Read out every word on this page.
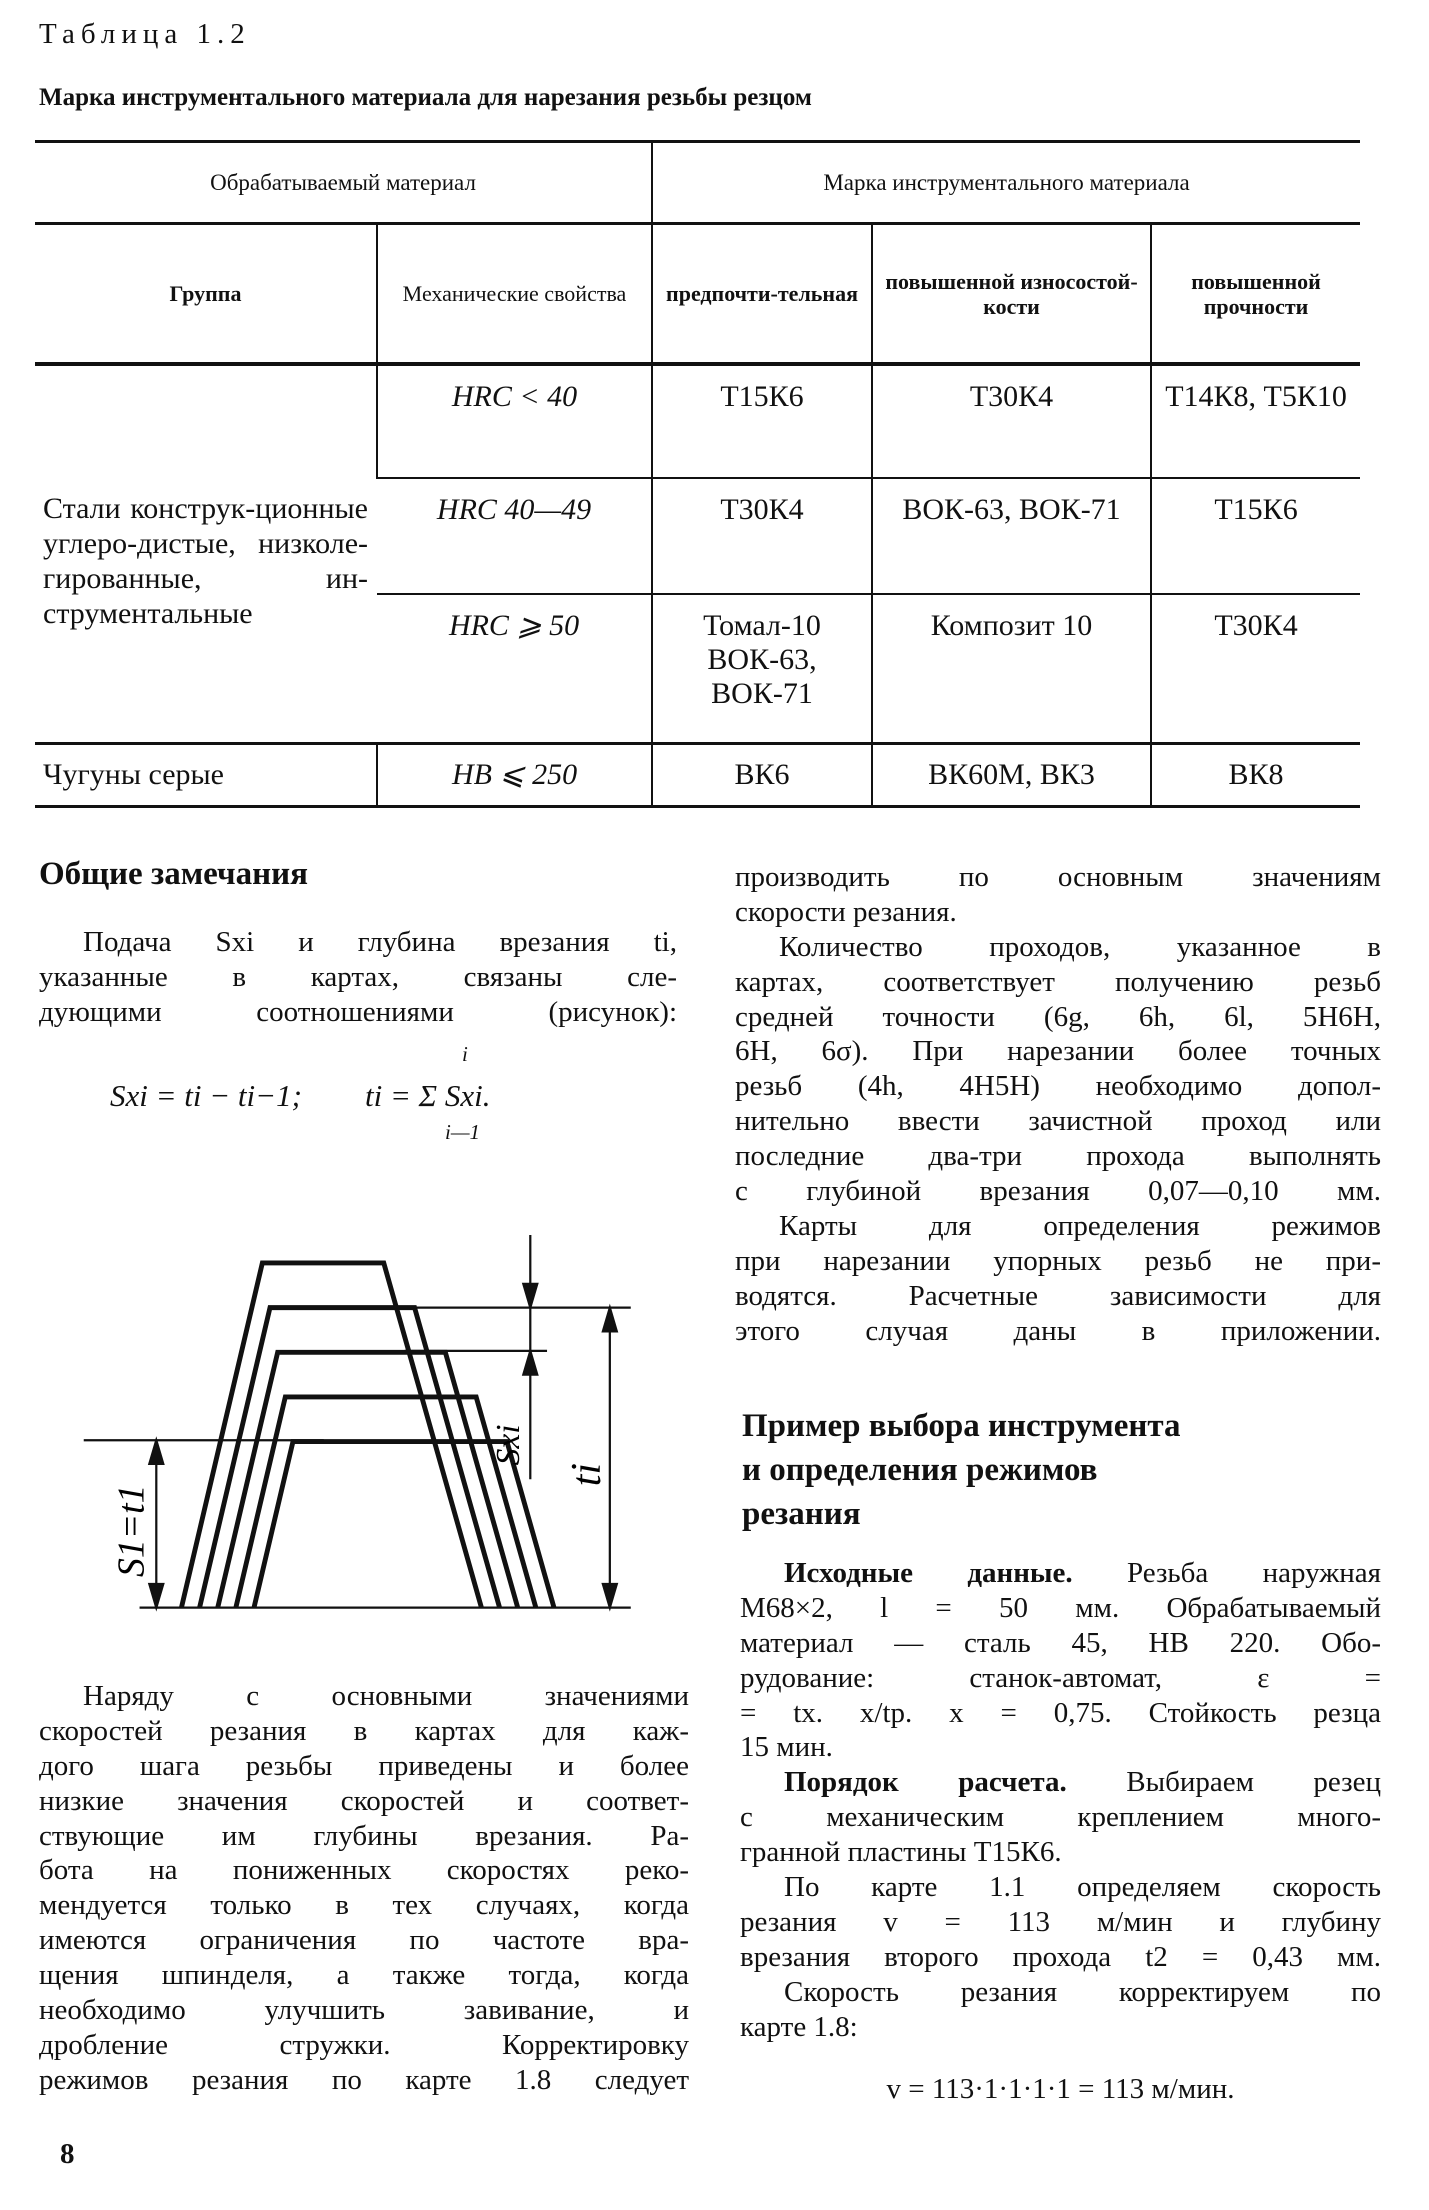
Таблица 1.2
Марка инструментального материала для нарезания резьбы резцом
Обрабатываемый материал		Марка инструментального материала		
Группа	Механические свойства	предпочти-тельная	повышенной износостой-кости	повышенной прочности
Стали конструк-ционные углеро-дистые, низколе-гированные, ин-струментальные	HRC < 40	Т15К6	Т30К4	Т14К8, Т5К10
	HRC 40—49	Т30К4	ВОК-63, ВОК-71	Т15К6
	HRC ⩾ 50	Томал-10 ВОК-63, ВОК-71	Композит 10	Т30К4
Чугуны серые	HB ⩽ 250	ВК6	ВК60М, ВК3	ВК8
Общие замечания
Подача Sxi и глубина врезания ti,
указанные в картах, связаны сле-
дующими соотношениями (рисунок):
Sxi = ti − ti−1; ti = Σ Sxi.
i
i—1
S1=t1
Sxi
ti
Наряду с основными значениями
скоростей резания в картах для каж-
дого шага резьбы приведены и более
низкие значения скоростей и соответ-
ствующие им глубины врезания. Ра-
бота на пониженных скоростях реко-
мендуется только в тех случаях, когда
имеются ограничения по частоте вра-
щения шпинделя, а также тогда, когда
необходимо улучшить завивание, и
дробление стружки. Корректировку
режимов резания по карте 1.8 следует
производить по основным значениям
скорости резания.
Количество проходов, указанное в
картах, соответствует получению резьб
средней точности (6g, 6h, 6l, 5H6H,
6H, 6σ). При нарезании более точных
резьб (4h, 4H5H) необходимо допол-
нительно ввести зачистной проход или
последние два-три прохода выполнять
с глубиной врезания 0,07—0,10 мм.
Карты для определения режимов
при нарезании упорных резьб не при-
водятся. Расчетные зависимости для
этого случая даны в приложении.
Пример выбора инструмента
и определения режимов
резания
Исходные данные. Резьба наружная
M68×2, l = 50 мм. Обрабатываемый
материал — сталь 45, HB 220. Обо-
рудование: станок-автомат, ε =
= tх. х/tр. х = 0,75. Стойкость резца
15 мин.
Порядок расчета. Выбираем резец
с механическим креплением много-
гранной пластины Т15К6.
По карте 1.1 определяем скорость
резания v = 113 м/мин и глубину
врезания второго прохода t2 = 0,43 мм.
Скорость резания корректируем по
карте 1.8:
v = 113·1·1·1·1 = 113 м/мин.
8
